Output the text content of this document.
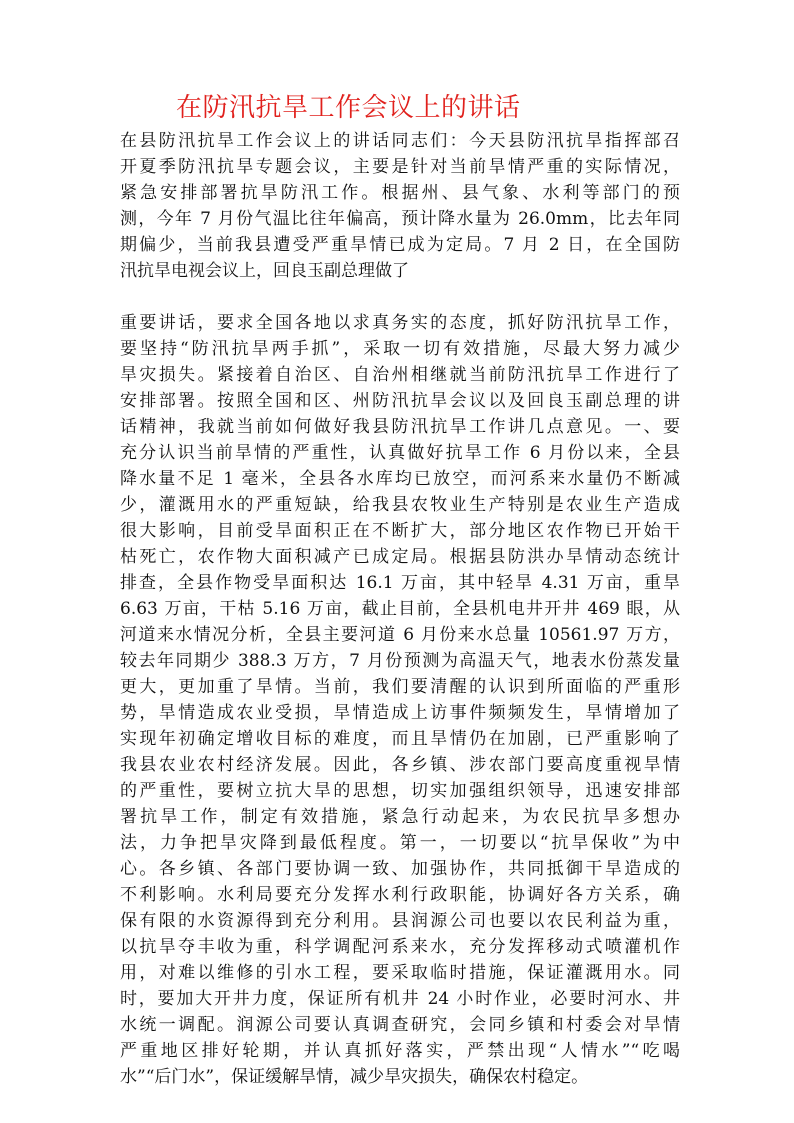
在防汛抗旱工作会议上的讲话
在县防汛抗旱工作会议上的讲话同志们：今天县防汛抗旱指挥部召
开夏季防汛抗旱专题会议，主要是针对当前旱情严重的实际情况，
紧急安排部署抗旱防汛工作。根据州、县气象、水利等部门的预
测，今年 7 月份气温比往年偏高，预计降水量为 26.0mm，比去年同
期偏少，当前我县遭受严重旱情已成为定局。7 月 2 日，在全国防
汛抗旱电视会议上，回良玉副总理做了
重要讲话，要求全国各地以求真务实的态度，抓好防汛抗旱工作，
要坚持“防汛抗旱两手抓”，采取一切有效措施，尽最大努力减少
旱灾损失。紧接着自治区、自治州相继就当前防汛抗旱工作进行了
安排部署。按照全国和区、州防汛抗旱会议以及回良玉副总理的讲
话精神，我就当前如何做好我县防汛抗旱工作讲几点意见。一、要
充分认识当前旱情的严重性，认真做好抗旱工作 6 月份以来，全县
降水量不足 1 毫米，全县各水库均已放空，而河系来水量仍不断减
少，灌溉用水的严重短缺，给我县农牧业生产特别是农业生产造成
很大影响，目前受旱面积正在不断扩大，部分地区农作物已开始干
枯死亡，农作物大面积减产已成定局。根据县防洪办旱情动态统计
排查，全县作物受旱面积达 16.1 万亩，其中轻旱 4.31 万亩，重旱
6.63 万亩，干枯 5.16 万亩，截止目前，全县机电井开井 469 眼，从
河道来水情况分析，全县主要河道 6 月份来水总量 10561.97 万方，
较去年同期少 388.3 万方，7 月份预测为高温天气，地表水份蒸发量
更大，更加重了旱情。当前，我们要清醒的认识到所面临的严重形
势，旱情造成农业受损，旱情造成上访事件频频发生，旱情增加了
实现年初确定增收目标的难度，而且旱情仍在加剧，已严重影响了
我县农业农村经济发展。因此，各乡镇、涉农部门要高度重视旱情
的严重性，要树立抗大旱的思想，切实加强组织领导，迅速安排部
署抗旱工作，制定有效措施，紧急行动起来，为农民抗旱多想办
法，力争把旱灾降到最低程度。第一，一切要以“抗旱保收”为中
心。各乡镇、各部门要协调一致、加强协作，共同抵御干旱造成的
不利影响。水利局要充分发挥水利行政职能，协调好各方关系，确
保有限的水资源得到充分利用。县润源公司也要以农民利益为重，
以抗旱夺丰收为重，科学调配河系来水，充分发挥移动式喷灌机作
用，对难以维修的引水工程，要采取临时措施，保证灌溉用水。同
时，要加大开井力度，保证所有机井 24 小时作业，必要时河水、井
水统一调配。润源公司要认真调查研究，会同乡镇和村委会对旱情
严重地区排好轮期，并认真抓好落实，严禁出现“人情水”“吃喝
水”“后门水”，保证缓解旱情，减少旱灾损失，确保农村稳定。
